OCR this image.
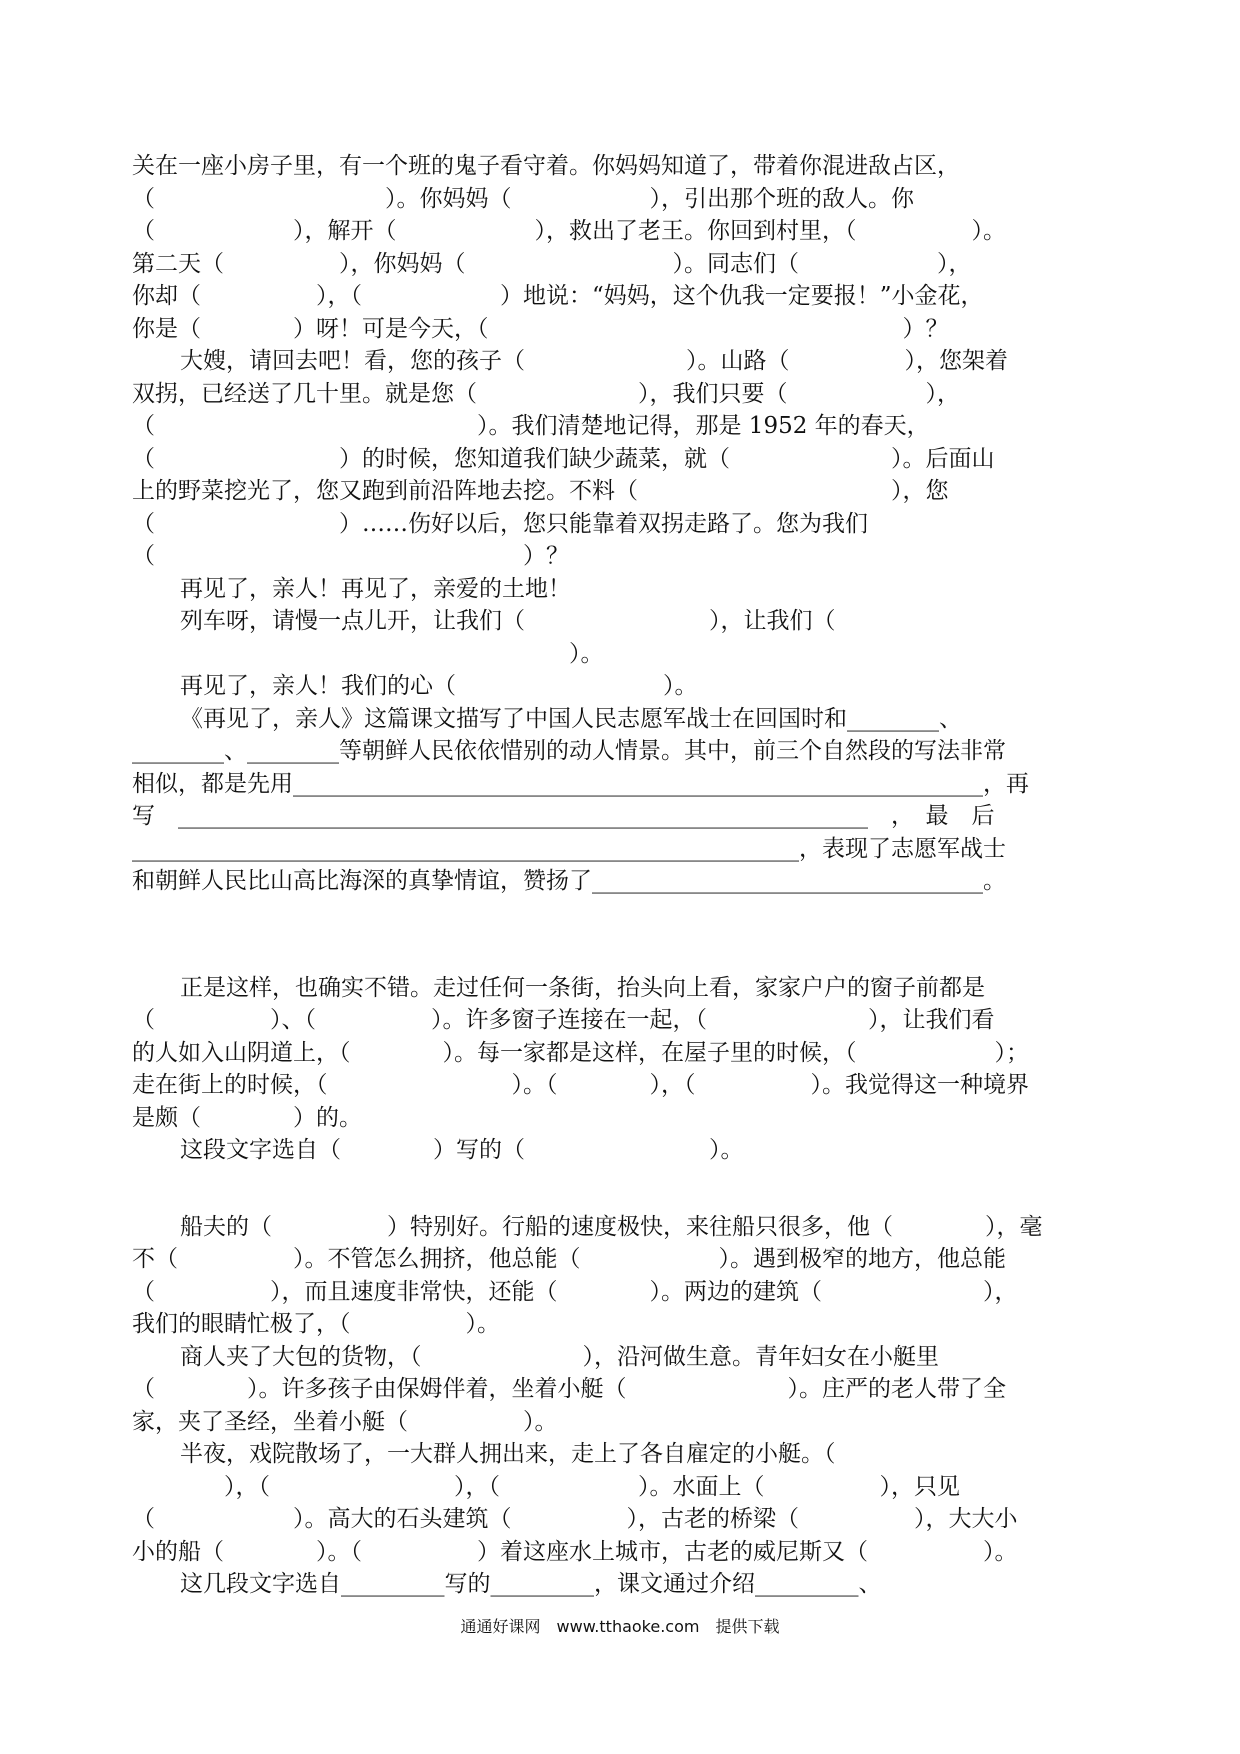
关在一座小房子里，有一个班的鬼子看守着。你妈妈知道了，带着你混进敌占区，
（　　　　　　　　　　）。你妈妈（　　　　　　），引出那个班的敌人。你
（　　　　　　），解开（　　　　　　），救出了老王。你回到村里，（　　　　　）。
第二天（　　　　　），你妈妈（　　　　　　　　　）。同志们（　　　　　　），
你却（　　　　　），（　　　　　　）地说：“妈妈，这个仇我一定要报！”小金花，
你是（　　　　）呀！可是今天，（　　　　　　　　　　　　　　　　　　）？
大嫂，请回去吧！看，您的孩子（　　　　　　　）。山路（　　　　　），您架着
双拐，已经送了几十里。就是您（　　　　　　　），我们只要（　　　　　　），
（　　　　　　　　　　　　　　）。我们清楚地记得，那是 1952 年的春天，
（　　　　　　　　）的时候，您知道我们缺少蔬菜，就（　　　　　　　）。后面山
上的野菜挖光了，您又跑到前沿阵地去挖。不料（　　　　　　　　　　　），您
（　　　　　　　　）……伤好以后，您只能靠着双拐走路了。您为我们
（　　　　　　　　　　　　　　　　）？
再见了，亲人！再见了，亲爱的土地！
列车呀，请慢一点儿开，让我们（　　　　　　　　），让我们（
　　　　　　　　　　　　　　　　　　　）。
再见了，亲人！我们的心（　　　　　　　　　）。
《再见了，亲人》这篇课文描写了中国人民志愿军战士在回国时和________、
________、________等朝鲜人民依依惜别的动人情景。其中，前三个自然段的写法非常
相似，都是先用____________________________________________________________，再
写　____________________________________________________________　，　最　后
__________________________________________________________，表现了志愿军战士
和朝鲜人民比山高比海深的真挚情谊，赞扬了__________________________________。
正是这样，也确实不错。走过任何一条街，抬头向上看，家家户户的窗子前都是
（　　　　　）、（　　　　　）。许多窗子连接在一起，（　　　　　　　），让我们看
的人如入山阴道上，（　　　　）。每一家都是这样，在屋子里的时候，（　　　　　　）；
走在街上的时候，（　　　　　　　　）。（　　　　），（　　　　　）。我觉得这一种境界
是颇（　　　　）的。
这段文字选自（　　　　）写的（　　　　　　　　）。
船夫的（　　　　　）特别好。行船的速度极快，来往船只很多，他（　　　　），毫
不（　　　　　）。不管怎么拥挤，他总能（　　　　　　）。遇到极窄的地方，他总能
（　　　　　），而且速度非常快，还能（　　　　）。两边的建筑（　　　　　　　），
我们的眼睛忙极了，（　　　　　）。
商人夹了大包的货物，（　　　　　　　），沿河做生意。青年妇女在小艇里
（　　　　）。许多孩子由保姆伴着，坐着小艇（　　　　　　　）。庄严的老人带了全
家，夹了圣经，坐着小艇（　　　　　）。
半夜，戏院散场了，一大群人拥出来，走上了各自雇定的小艇。（
　　　　），（　　　　　　　　），（　　　　　　）。水面上（　　　　　），只见
（　　　　　　）。高大的石头建筑（　　　　　），古老的桥梁（　　　　　），大大小
小的船（　　　　）。（　　　　　）着这座水上城市，古老的威尼斯又（　　　　　）。
这几段文字选自_________写的_________，课文通过介绍_________、
通通好课网　www.tthaoke.com　提供下载
